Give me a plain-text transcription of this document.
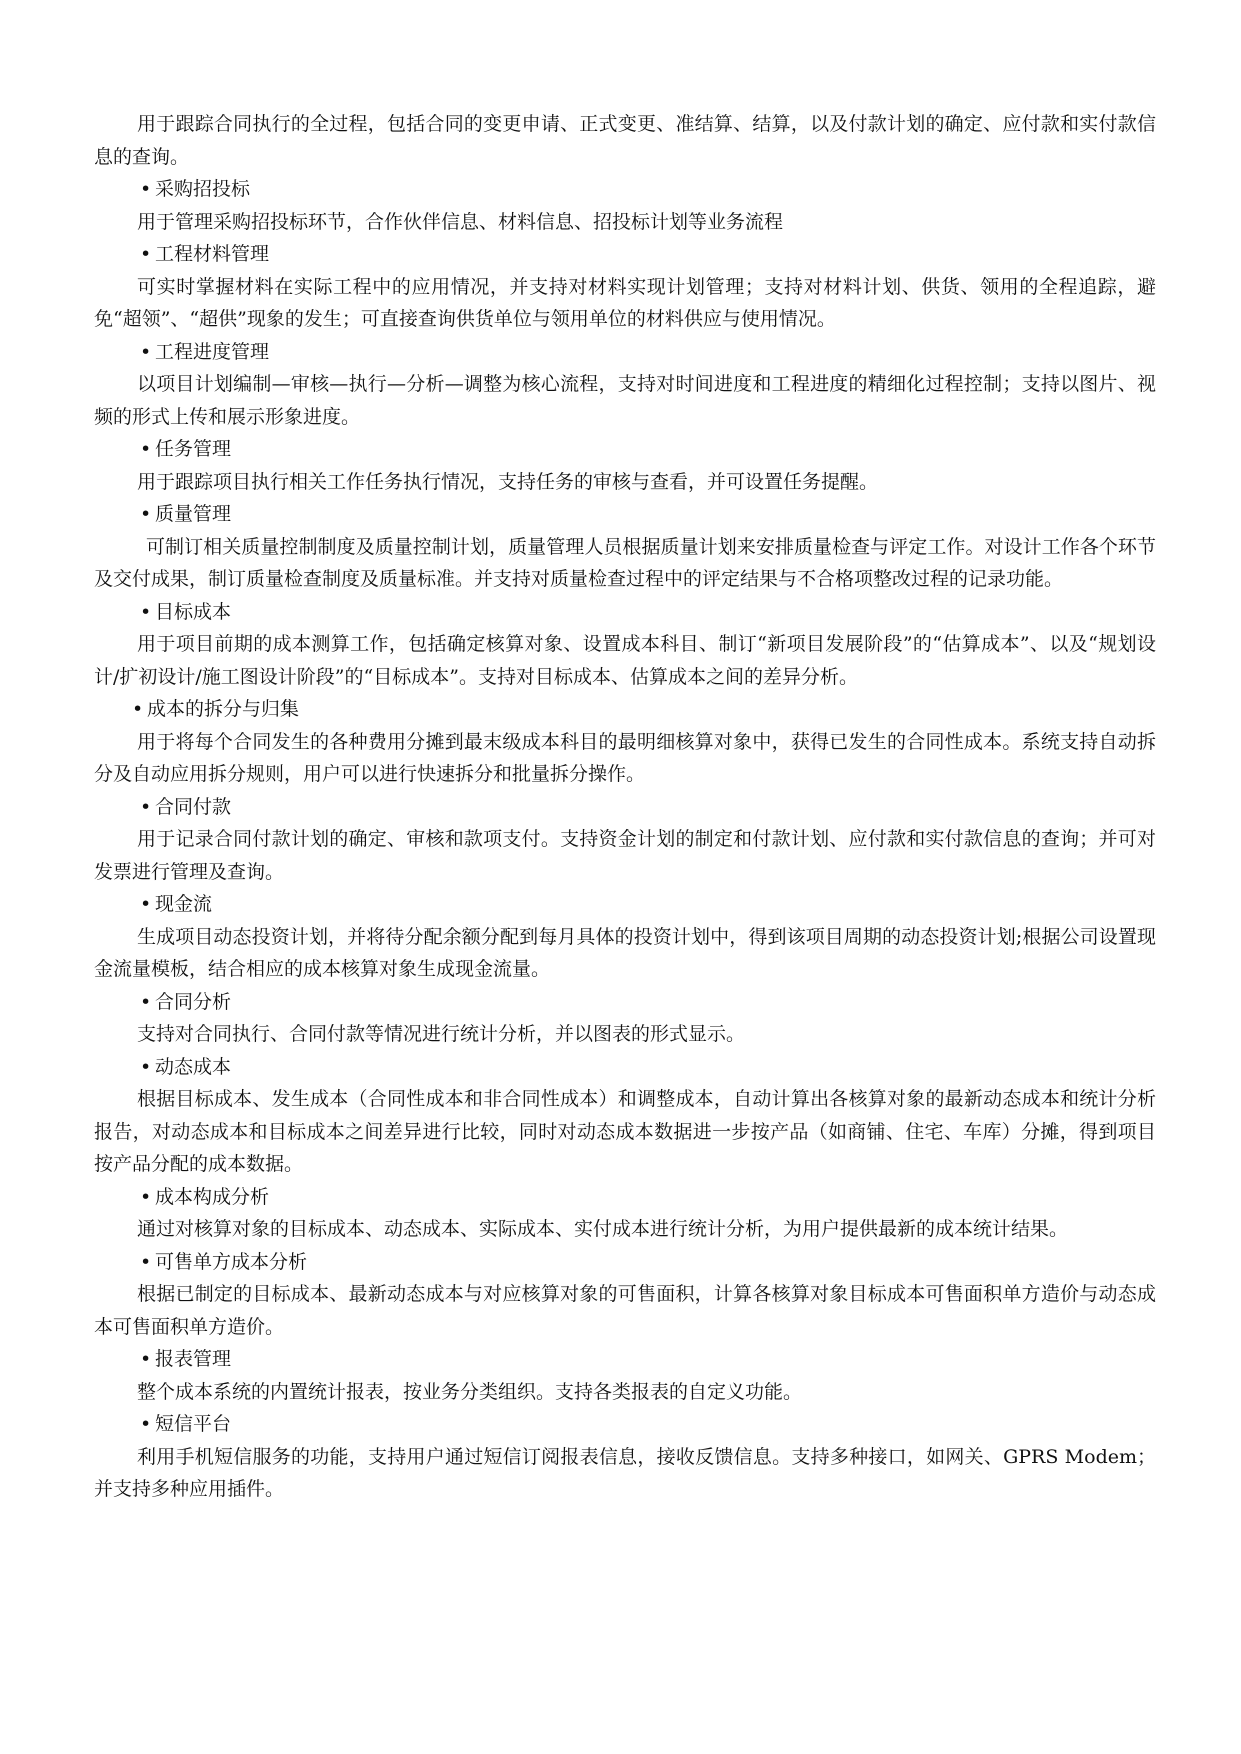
用于跟踪合同执行的全过程，包括合同的变更申请、正式变更、准结算、结算，以及付款计划的确定、应付款和实付款信息的查询。

• 采购招投标

用于管理采购招投标环节，合作伙伴信息、材料信息、招投标计划等业务流程

• 工程材料管理

可实时掌握材料在实际工程中的应用情况，并支持对材料实现计划管理；支持对材料计划、供货、领用的全程追踪，避免“超领”、“超供”现象的发生；可直接查询供货单位与领用单位的材料供应与使用情况。

• 工程进度管理

以项目计划编制—审核—执行—分析—调整为核心流程，支持对时间进度和工程进度的精细化过程控制；支持以图片、视频的形式上传和展示形象进度。

• 任务管理

用于跟踪项目执行相关工作任务执行情况，支持任务的审核与查看，并可设置任务提醒。

• 质量管理

可制订相关质量控制制度及质量控制计划，质量管理人员根据质量计划来安排质量检查与评定工作。对设计工作各个环节及交付成果，制订质量检查制度及质量标准。并支持对质量检查过程中的评定结果与不合格项整改过程的记录功能。

• 目标成本

用于项目前期的成本测算工作，包括确定核算对象、设置成本科目、制订“新项目发展阶段”的“估算成本”、以及“规划设计/扩初设计/施工图设计阶段”的“目标成本”。支持对目标成本、估算成本之间的差异分析。

• 成本的拆分与归集

用于将每个合同发生的各种费用分摊到最末级成本科目的最明细核算对象中，获得已发生的合同性成本。系统支持自动拆分及自动应用拆分规则，用户可以进行快速拆分和批量拆分操作。

• 合同付款

用于记录合同付款计划的确定、审核和款项支付。支持资金计划的制定和付款计划、应付款和实付款信息的查询；并可对发票进行管理及查询。

• 现金流

生成项目动态投资计划，并将待分配余额分配到每月具体的投资计划中，得到该项目周期的动态投资计划;根据公司设置现金流量模板，结合相应的成本核算对象生成现金流量。

• 合同分析

支持对合同执行、合同付款等情况进行统计分析，并以图表的形式显示。

• 动态成本

根据目标成本、发生成本（合同性成本和非合同性成本）和调整成本，自动计算出各核算对象的最新动态成本和统计分析报告，对动态成本和目标成本之间差异进行比较，同时对动态成本数据进一步按产品（如商铺、住宅、车库）分摊，得到项目按产品分配的成本数据。

• 成本构成分析

通过对核算对象的目标成本、动态成本、实际成本、实付成本进行统计分析，为用户提供最新的成本统计结果。

• 可售单方成本分析

根据已制定的目标成本、最新动态成本与对应核算对象的可售面积，计算各核算对象目标成本可售面积单方造价与动态成本可售面积单方造价。

• 报表管理

整个成本系统的内置统计报表，按业务分类组织。支持各类报表的自定义功能。

• 短信平台

利用手机短信服务的功能，支持用户通过短信订阅报表信息，接收反馈信息。支持多种接口，如网关、GPRS Modem；并支持多种应用插件。
